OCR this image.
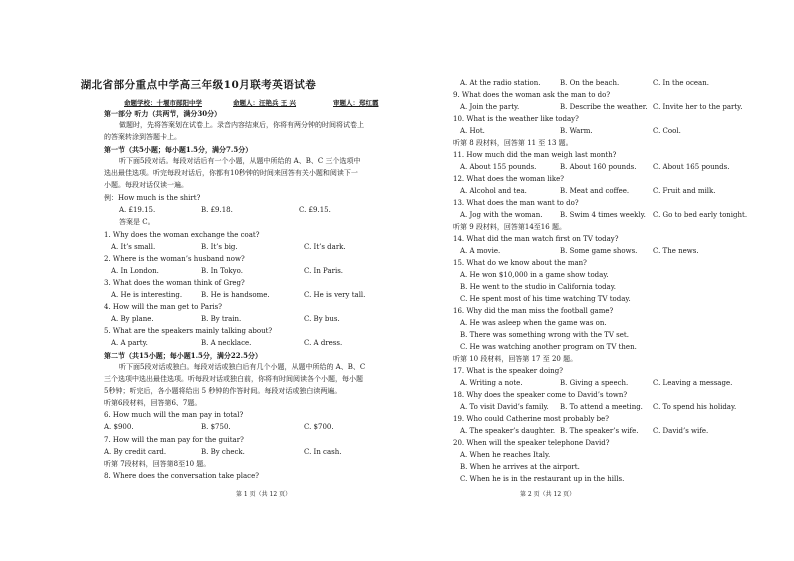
湖北省部分重点中学高三年级10月联考英语试卷
命题学校：十堰市郧阳中学	命题人：汪艳兵 王 兴	审题人：郑红霞
第一部分 听力（共两节，满分30分）
做题时，先将答案划在试卷上。录音内容结束后，你将有两分钟的时间将试卷上
的答案转涂到答题卡上。
第一节（共5小题；每小题1.5分，满分7.5分）
听下面5段对话。每段对话后有一个小题，从题中所给的 A、B、C 三个选项中
选出最佳选项。听完每段对话后，你都有10秒钟的时间来回答有关小题和阅读下一
小题。每段对话仅读一遍。
例：How much is the shirt?
A. £19.15.	B. £9.18.	C. £9.15.
答案是 C。
1. Why does the woman exchange the coat?
A. It’s small.	B. It’s big.	C. It’s dark.
2. Where is the woman’s husband now?
A. In London.	B. In Tokyo.	C. In Paris.
3. What does the woman think of Greg?
A. He is interesting.	B. He is handsome.	C. He is very tall.
4. How will the man get to Paris?
A. By plane.	B. By train.	C. By bus.
5. What are the speakers mainly talking about?
A. A party.	B. A necklace.	C. A dress.
第二节（共15小题；每小题1.5分，满分22.5分）
听下面5段对话或独白。每段对话或独白后有几个小题，从题中所给的 A、B、C
三个选项中选出最佳选项。听每段对话或独白前，你将有时间阅读各个小题，每小题
5秒钟；听完后，各小题将给出 5 秒钟的作答时间。每段对话或独白读两遍。
听第6段材料，回答第6、7题。
6. How much will the man pay in total?
A. $900.	B. $750.	C. $700.
7. How will the man pay for the guitar?
A. By credit card.	B. By check.	C. In cash.
听第 7段材料，回答第8至10 题。
8. Where does the conversation take place?
第 1 页（共 12 页）
A. At the radio station.	B. On the beach.	C. In the ocean.
9. What does the woman ask the man to do?
A. Join the party.	B. Describe the weather. C. Invite her to the party.
10. What is the weather like today?
A. Hot.	B. Warm.	C. Cool.
听第 8 段材料，回答第 11 至 13 题。
11. How much did the man weigh last month?
A. About 155 pounds.	B. About 160 pounds. C. About 165 pounds.
12. What does the woman like?
A. Alcohol and tea.	B. Meat and coffee.	C. Fruit and milk.
13. What does the man want to do?
A. Jog with the woman.	B. Swim 4 times weekly. C. Go to bed early tonight.
听第 9 段材料，回答第14至16 题。
14. What did the man watch first on TV today?
A. A movie.	B. Some game shows. C. The news.
15. What do we know about the man?
A. He won $10,000 in a game show today.
B. He went to the studio in California today.
C. He spent most of his time watching TV today.
16. Why did the man miss the football game?
A. He was asleep when the game was on.
B. There was something wrong with the TV set.
C. He was watching another program on TV then.
听第 10 段材料，回答第 17 至 20 题。
17. What is the speaker doing?
A. Writing a note.	B. Giving a speech.	C. Leaving a message.
18. Why does the speaker come to David’s town?
A. To visit David’s family. B. To attend a meeting. C. To spend his holiday.
19. Who could Catherine most probably be?
A. The speaker’s daughter. B. The speaker’s wife. C. David’s wife.
20. When will the speaker telephone David?
A. When he reaches Italy.
B. When he arrives at the airport.
C. When he is in the restaurant up in the hills.
第 2 页（共 12 页）
